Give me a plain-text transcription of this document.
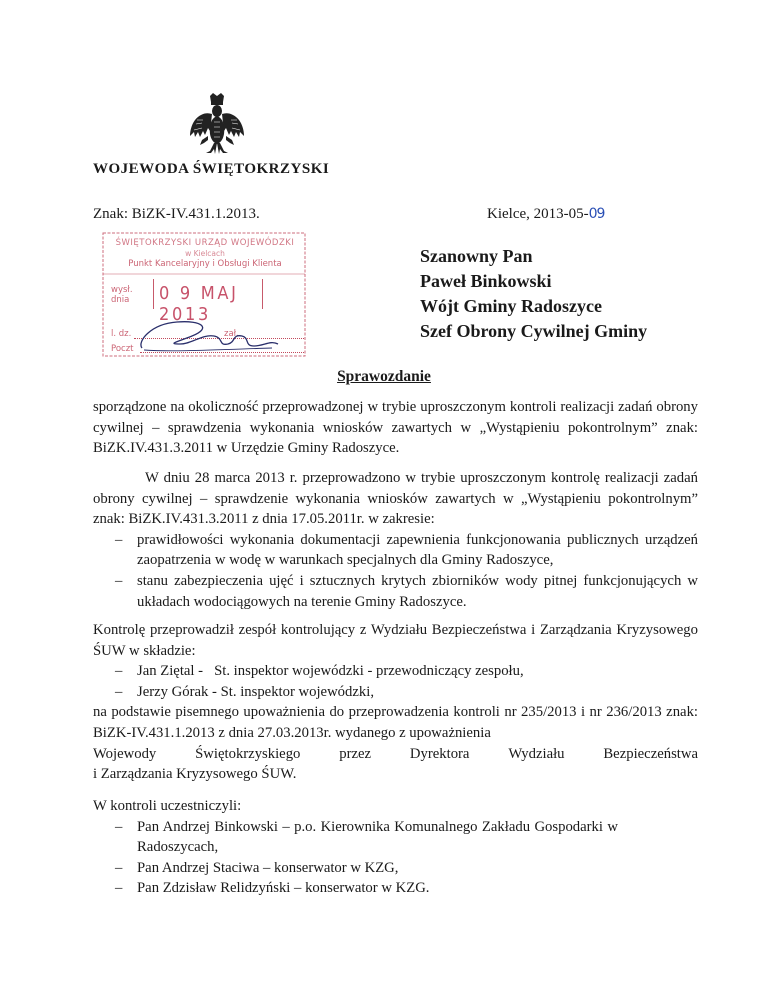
WOJEWODA ŚWIĘTOKRZYSKI
Znak: BiZK-IV.431.1.2013.	Kielce, 2013-05-09
ŚWIĘTOKRZYSKI URZĄD WOJEWÓDZKI
w Kielcach
Punkt Kancelaryjny i Obsługi Klienta
wysł.
dnia 0 9 MAJ 2013
l. dz.	zał.
Poczt
Szanowny Pan
Paweł Binkowski
Wójt Gminy Radoszyce
Szef Obrony Cywilnej Gminy
Sprawozdanie

sporządzone na okoliczność przeprowadzonej w trybie uproszczonym kontroli realizacji zadań obrony cywilnej – sprawdzenia wykonania wniosków zawartych w „Wystąpieniu pokontrolnym” znak: BiZK.IV.431.3.2011 w Urzędzie Gminy Radoszyce.

W dniu 28 marca 2013 r. przeprowadzono w trybie uproszczonym kontrolę realizacji zadań obrony cywilnej – sprawdzenie wykonania wniosków zawartych w „Wystąpieniu pokontrolnym” znak: BiZK.IV.431.3.2011 z dnia 17.05.2011r. w zakresie:

– prawidłowości wykonania dokumentacji zapewnienia funkcjonowania publicznych urządzeń zaopatrzenia w wodę w warunkach specjalnych dla Gminy Radoszyce,
– stanu zabezpieczenia ujęć i sztucznych krytych zbiorników wody pitnej funkcjonujących w układach wodociągowych na terenie Gminy Radoszyce.

Kontrolę przeprowadził zespół kontrolujący z Wydziału Bezpieczeństwa i Zarządzania Kryzysowego ŚUW w składzie:

– Jan Ziętal -   St. inspektor wojewódzki - przewodniczący zespołu,
– Jerzy Górak - St. inspektor wojewódzki,

na podstawie pisemnego upoważnienia do przeprowadzenia kontroli nr 235/2013 i nr 236/2013 znak: BiZK-IV.431.1.2013 z dnia 27.03.2013r. wydanego z upoważnienia

Wojewody	Świętokrzyskiego	przez	Dyrektora	Wydziału	Bezpieczeństwa

i Zarządzania Kryzysowego ŚUW.

W kontroli uczestniczyli:

– Pan Andrzej Binkowski – p.o. Kierownika Komunalnego Zakładu Gospodarki w Radoszycach,
– Pan Andrzej Staciwa – konserwator w KZG,
– Pan Zdzisław Relidzyński – konserwator w KZG.
